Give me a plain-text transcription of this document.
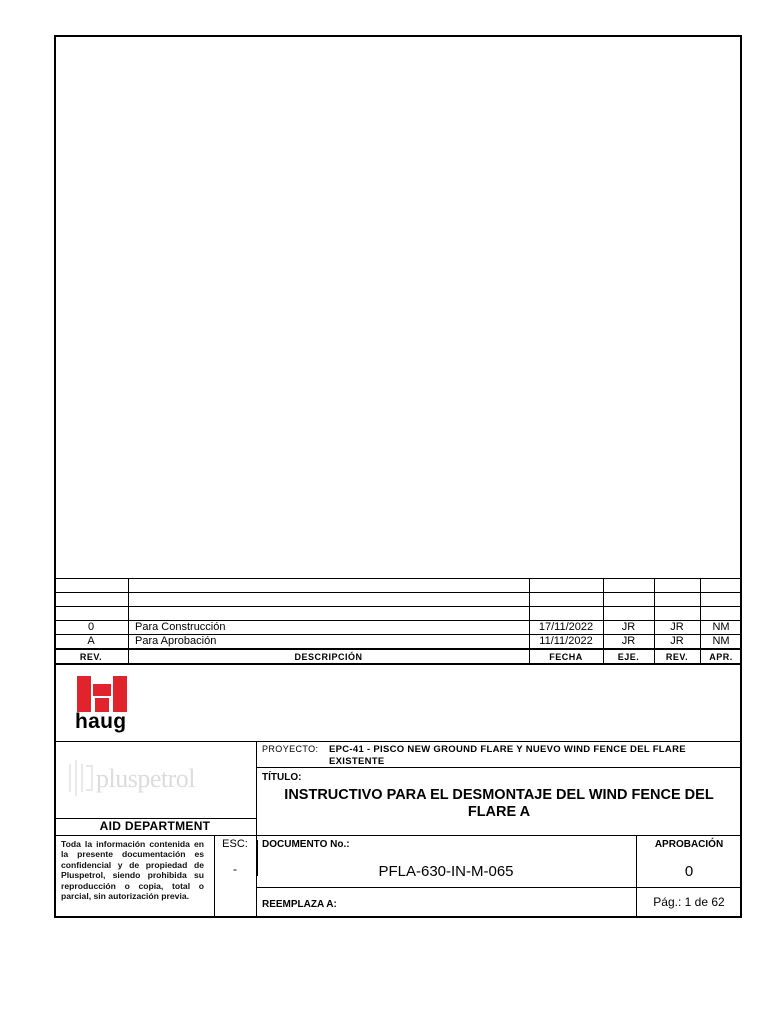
0	Para Construcción	17/11/2022	JR	JR	NM
A	Para Aprobación	11/11/2022	JR	JR	NM
REV.	DESCRIPCIÓN	FECHA	EJE.	REV.	APR.
haug
pluspetrol
AID DEPARTMENT
PROYECTO: EPC-41 - PISCO NEW GROUND FLARE Y NUEVO WIND FENCE DEL FLARE
EXISTENTE
TÍTULO:
INSTRUCTIVO PARA EL DESMONTAJE DEL WIND FENCE DEL
FLARE A
Toda la información contenida en la presente documentación es confidencial y de propiedad de Pluspetrol, siendo prohibida su reproducción o copia, total o parcial, sin autorización previa.
ESC:
-
DOCUMENTO No.:
PFLA-630-IN-M-065
APROBACIÓN
0
REEMPLAZA A:	Pág.: 1 de 62
